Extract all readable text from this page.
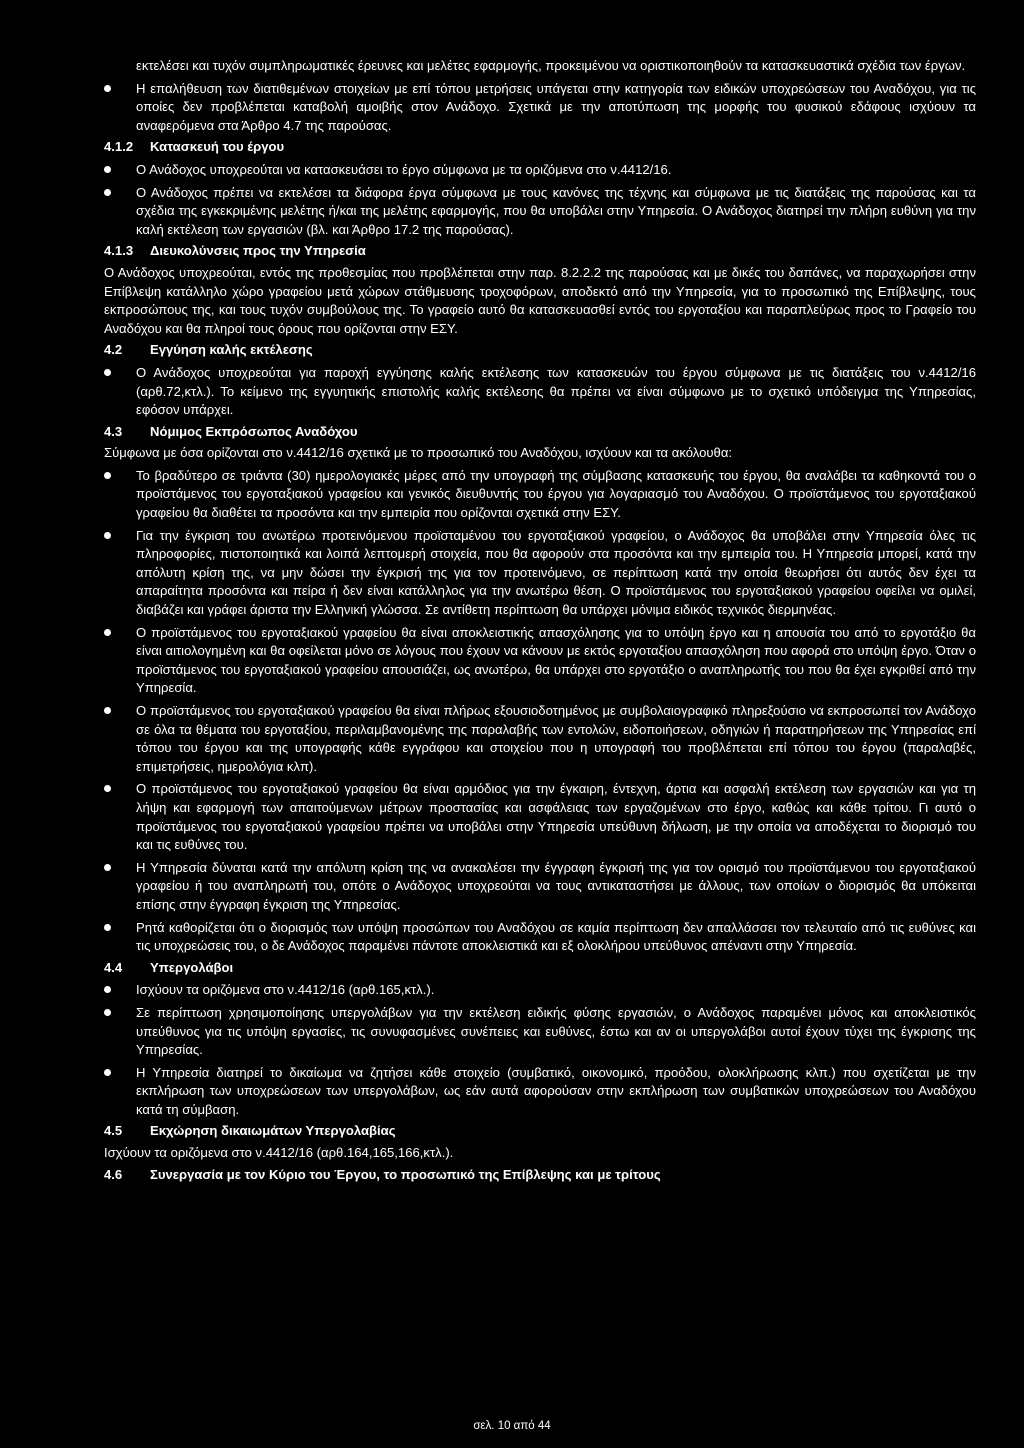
εκτελέσει και τυχόν συμπληρωματικές έρευνες και μελέτες εφαρμογής, προκειμένου να οριστικοποιηθούν τα κατασκευαστικά σχέδια των έργων.

Η επαλήθευση των διατιθεμένων στοιχείων με επί τόπου μετρήσεις υπάγεται στην κατηγορία των ειδικών υποχρεώσεων του Αναδόχου, για τις οποίες δεν προβλέπεται καταβολή αμοιβής στον Ανάδοχο. Σχετικά με την αποτύπωση της μορφής του φυσικού εδάφους ισχύουν τα αναφερόμενα στα Άρθρο 4.7 της παρούσας.

4.1.2	Κατασκευή του έργου

Ο Ανάδοχος υποχρεούται να κατασκευάσει το έργο σύμφωνα με τα οριζόμενα στο ν.4412/16.

Ο Ανάδοχος πρέπει να εκτελέσει τα διάφορα έργα σύμφωνα με τους κανόνες της τέχνης και σύμφωνα με τις διατάξεις της παρούσας και τα σχέδια της εγκεκριμένης μελέτης ή/και της μελέτης εφαρμογής, που θα υποβάλει στην Υπηρεσία. Ο Ανάδοχος διατηρεί την πλήρη ευθύνη για την καλή εκτέλεση των εργασιών (βλ. και Άρθρο 17.2 της παρούσας).

4.1.3	Διευκολύνσεις προς την Υπηρεσία

Ο Ανάδοχος υποχρεούται, εντός της προθεσμίας που προβλέπεται στην παρ. 8.2.2.2 της παρούσας και με δικές του δαπάνες, να παραχωρήσει στην Επίβλεψη κατάλληλο χώρο γραφείου μετά χώρων στάθμευσης τροχοφόρων, αποδεκτό από την Υπηρεσία, για το προσωπικό της Επίβλεψης, τους εκπροσώπους της, και τους τυχόν συμβούλους της. Το γραφείο αυτό θα κατασκευασθεί εντός του εργοταξίου και παραπλεύρως προς το Γραφείο του Αναδόχου και θα πληροί τους όρους που ορίζονται στην ΕΣΥ.

4.2	Εγγύηση καλής εκτέλεσης

Ο Ανάδοχος υποχρεούται για παροχή εγγύησης καλής εκτέλεσης των κατασκευών του έργου σύμφωνα με τις διατάξεις του ν.4412/16 (αρθ.72,κτλ.). Το κείμενο της εγγυητικής επιστολής καλής εκτέλεσης θα πρέπει να είναι σύμφωνο με το σχετικό υπόδειγμα της Υπηρεσίας, εφόσον υπάρχει.

4.3	Νόμιμος Εκπρόσωπος Αναδόχου

Σύμφωνα με όσα ορίζονται στο ν.4412/16 σχετικά με το προσωπικό του Αναδόχου, ισχύουν και τα ακόλουθα:

Το βραδύτερο σε τριάντα (30) ημερολογιακές μέρες από την υπογραφή της σύμβασης κατασκευής του έργου, θα αναλάβει τα καθηκοντά του ο προϊστάμενος του εργοταξιακού γραφείου και γενικός διευθυντής του έργου για λογαριασμό του Αναδόχου. Ο προϊστάμενος του εργοταξιακού γραφείου θα διαθέτει τα προσόντα και την εμπειρία που ορίζονται σχετικά στην ΕΣΥ.

Για την έγκριση του ανωτέρω προτεινόμενου προϊσταμένου του εργοταξιακού γραφείου, ο Ανάδοχος θα υποβάλει στην Υπηρεσία όλες τις πληροφορίες, πιστοποιητικά και λοιπά λεπτομερή στοιχεία, που θα αφορούν στα προσόντα και την εμπειρία του. Η Υπηρεσία μπορεί, κατά την απόλυτη κρίση της, να μην δώσει την έγκρισή της για τον προτεινόμενο, σε περίπτωση κατά την οποία θεωρήσει ότι αυτός δεν έχει τα απαραίτητα προσόντα και πείρα ή δεν είναι κατάλληλος για την ανωτέρω θέση. Ο προϊστάμενος του εργοταξιακού γραφείου οφείλει να ομιλεί, διαβάζει και γράφει άριστα την Ελληνική γλώσσα. Σε αντίθετη περίπτωση θα υπάρχει μόνιμα ειδικός τεχνικός διερμηνέας.

Ο προϊστάμενος του εργοταξιακού γραφείου θα είναι αποκλειστικής απασχόλησης για το υπόψη έργο και η απουσία του από το εργοτάξιο θα είναι αιτιολογημένη και θα οφείλεται μόνο σε λόγους που έχουν να κάνουν με εκτός εργοταξίου απασχόληση που αφορά στο υπόψη έργο. Όταν ο προϊστάμενος του εργοταξιακού γραφείου απουσιάζει, ως ανωτέρω, θα υπάρχει στο εργοτάξιο ο αναπληρωτής του που θα έχει εγκριθεί από την Υπηρεσία.

Ο προϊστάμενος του εργοταξιακού γραφείου θα είναι πλήρως εξουσιοδοτημένος με συμβολαιογραφικό πληρεξούσιο να εκπροσωπεί τον Ανάδοχο σε όλα τα θέματα του εργοταξίου, περιλαμβανομένης της παραλαβής των εντολών, ειδοποιήσεων, οδηγιών ή παρατηρήσεων της Υπηρεσίας επί τόπου του έργου και της υπογραφής κάθε εγγράφου και στοιχείου που η υπογραφή του προβλέπεται επί τόπου του έργου (παραλαβές, επιμετρήσεις, ημερολόγια κλπ).

Ο προϊστάμενος του εργοταξιακού γραφείου θα είναι αρμόδιος για την έγκαιρη, έντεχνη, άρτια και ασφαλή εκτέλεση των εργασιών και για τη λήψη και εφαρμογή των απαιτούμενων μέτρων προστασίας και ασφάλειας των εργαζομένων στο έργο, καθώς και κάθε τρίτου. Γι αυτό ο προϊστάμενος του εργοταξιακού γραφείου πρέπει να υποβάλει στην Υπηρεσία υπεύθυνη δήλωση, με την οποία να αποδέχεται το διορισμό του και τις ευθύνες του.

Η Υπηρεσία δύναται κατά την απόλυτη κρίση της να ανακαλέσει την έγγραφη έγκρισή της για τον ορισμό του προϊστάμενου του εργοταξιακού γραφείου ή του αναπληρωτή του, οπότε ο Ανάδοχος υποχρεούται να τους αντικαταστήσει με άλλους, των οποίων ο διορισμός θα υπόκειται επίσης στην έγγραφη έγκριση της Υπηρεσίας.

Ρητά καθορίζεται ότι ο διορισμός των υπόψη προσώπων του Αναδόχου σε καμία περίπτωση δεν απαλλάσσει τον τελευταίο από τις ευθύνες και τις υποχρεώσεις του, ο δε Ανάδοχος παραμένει πάντοτε αποκλειστικά και εξ ολοκλήρου υπεύθυνος απέναντι στην Υπηρεσία.

4.4	Υπεργολάβοι

Ισχύουν τα οριζόμενα στο ν.4412/16 (αρθ.165,κτλ.).

Σε περίπτωση χρησιμοποίησης υπεργολάβων για την εκτέλεση ειδικής φύσης εργασιών, ο Ανάδοχος παραμένει μόνος και αποκλειστικός υπεύθυνος για τις υπόψη εργασίες, τις συνυφασμένες συνέπειες και ευθύνες, έστω και αν οι υπεργολάβοι αυτοί έχουν τύχει της έγκρισης της Υπηρεσίας.

Η Υπηρεσία διατηρεί το δικαίωμα να ζητήσει κάθε στοιχείο (συμβατικό, οικονομικό, προόδου, ολοκλήρωσης κλπ.) που σχετίζεται με την εκπλήρωση των υποχρεώσεων των υπεργολάβων, ως εάν αυτά αφορούσαν στην εκπλήρωση των συμβατικών υποχρεώσεων του Αναδόχου κατά τη σύμβαση.

4.5	Εκχώρηση δικαιωμάτων Υπεργολαβίας

Ισχύουν τα οριζόμενα στο ν.4412/16 (αρθ.164,165,166,κτλ.).

4.6	Συνεργασία με τον Κύριο του Έργου, το προσωπικό της Επίβλεψης και με τρίτους
σελ. 10 από 44
